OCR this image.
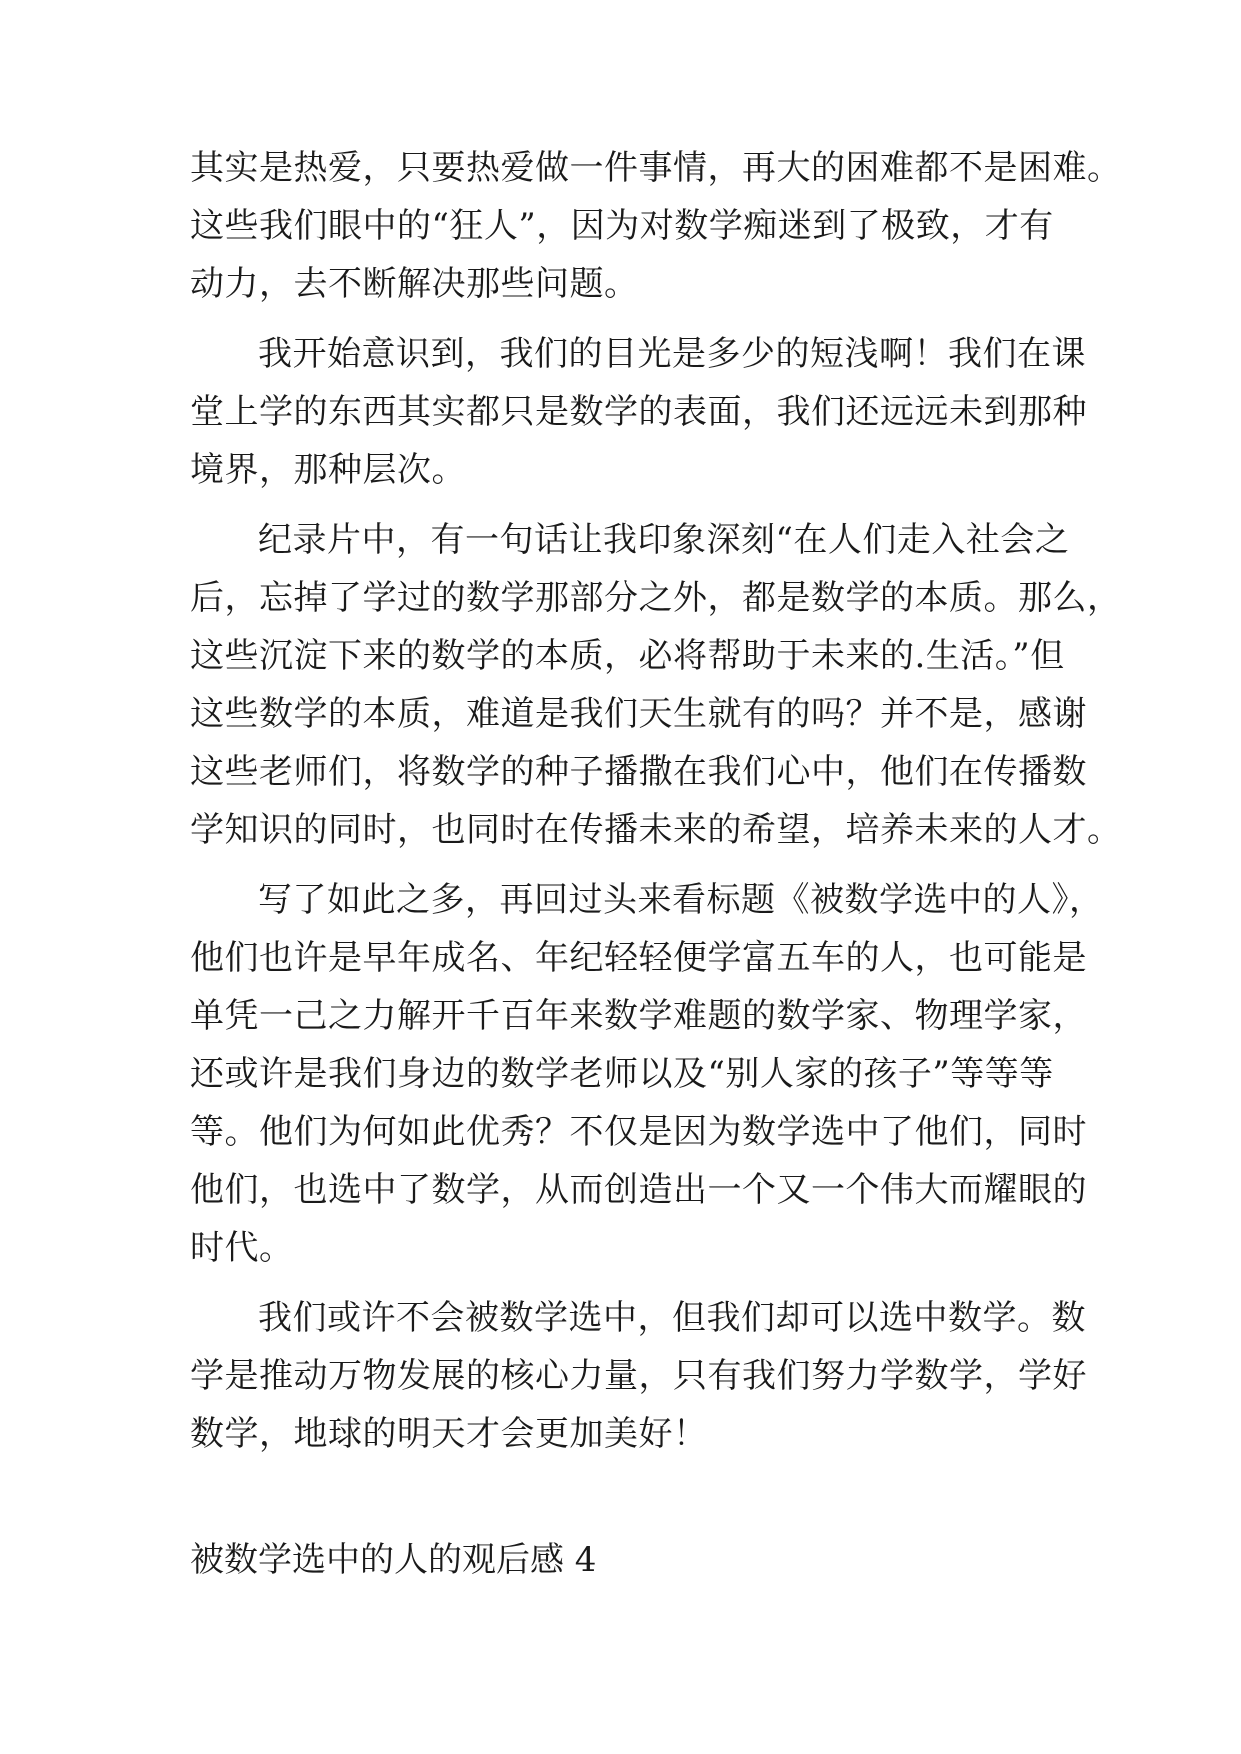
其实是热爱，只要热爱做一件事情，再大的困难都不是困难。
这些我们眼中的“狂人”，因为对数学痴迷到了极致，才有
动力，去不断解决那些问题。
我开始意识到，我们的目光是多少的短浅啊！我们在课
堂上学的东西其实都只是数学的表面，我们还远远未到那种
境界，那种层次。
纪录片中，有一句话让我印象深刻“在人们走入社会之
后，忘掉了学过的数学那部分之外，都是数学的本质。那么，
这些沉淀下来的数学的本质，必将帮助于未来的.生活。”但
这些数学的本质，难道是我们天生就有的吗？并不是，感谢
这些老师们，将数学的种子播撒在我们心中，他们在传播数
学知识的同时，也同时在传播未来的希望，培养未来的人才。
写了如此之多，再回过头来看标题《被数学选中的人》，
他们也许是早年成名、年纪轻轻便学富五车的人，也可能是
单凭一己之力解开千百年来数学难题的数学家、物理学家，
还或许是我们身边的数学老师以及“别人家的孩子”等等等
等。他们为何如此优秀？不仅是因为数学选中了他们，同时
他们，也选中了数学，从而创造出一个又一个伟大而耀眼的
时代。
我们或许不会被数学选中，但我们却可以选中数学。数
学是推动万物发展的核心力量，只有我们努力学数学，学好
数学，地球的明天才会更加美好！
被数学选中的人的观后感 4
